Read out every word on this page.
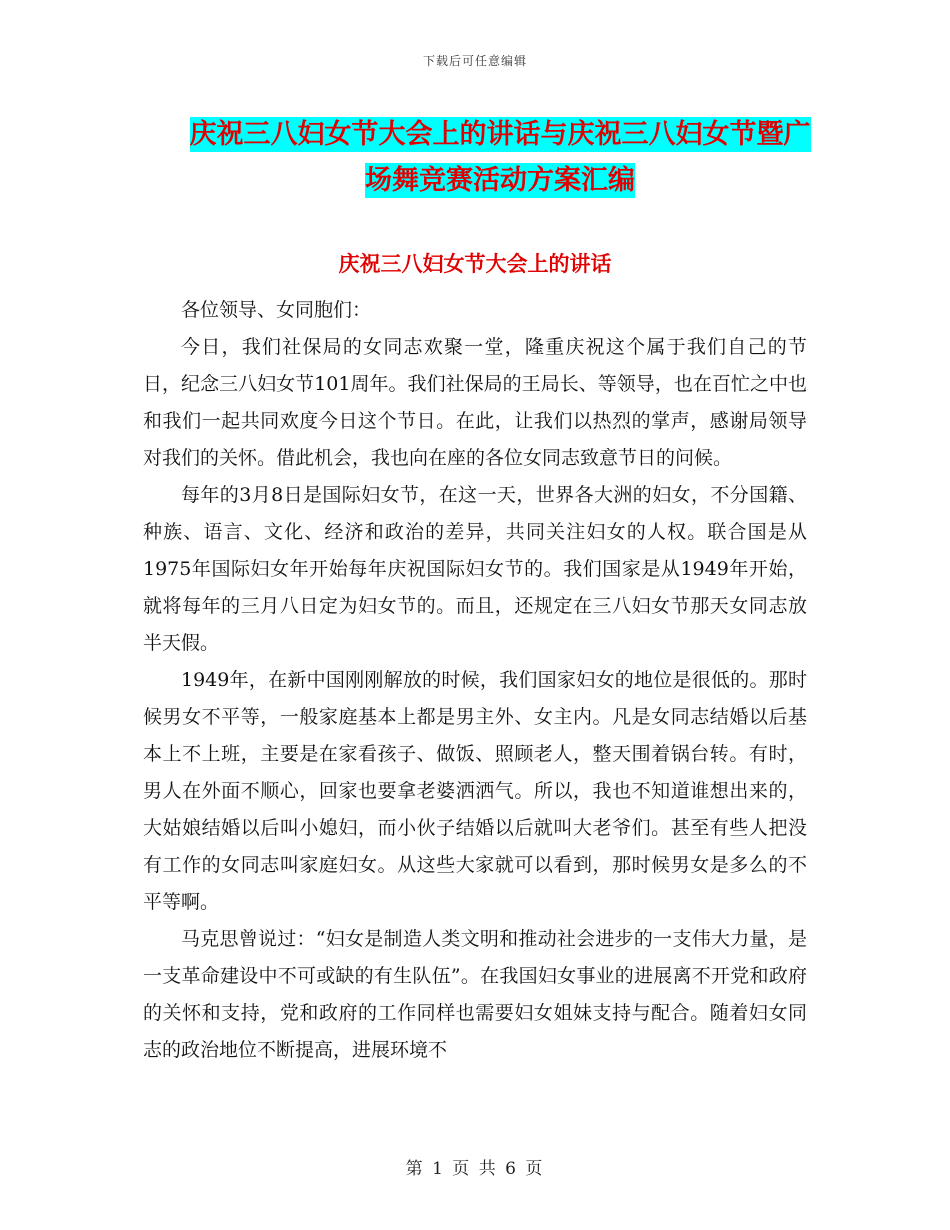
下载后可任意编辑
庆祝三八妇女节大会上的讲话与庆祝三八妇女节暨广
场舞竞赛活动方案汇编
庆祝三八妇女节大会上的讲话

各位领导、女同胞们：

今日，我们社保局的女同志欢聚一堂，隆重庆祝这个属于我们自己的节日，纪念三八妇女节101周年。我们社保局的王局长、等领导，也在百忙之中也和我们一起共同欢度今日这个节日。在此，让我们以热烈的掌声，感谢局领导对我们的关怀。借此机会，我也向在座的各位女同志致意节日的问候。

每年的3月8日是国际妇女节，在这一天，世界各大洲的妇女，不分国籍、种族、语言、文化、经济和政治的差异，共同关注妇女的人权。联合国是从1975年国际妇女年开始每年庆祝国际妇女节的。我们国家是从1949年开始，就将每年的三月八日定为妇女节的。而且，还规定在三八妇女节那天女同志放半天假。

1949年，在新中国刚刚解放的时候，我们国家妇女的地位是很低的。那时候男女不平等，一般家庭基本上都是男主外、女主内。凡是女同志结婚以后基本上不上班，主要是在家看孩子、做饭、照顾老人，整天围着锅台转。有时，男人在外面不顺心，回家也要拿老婆洒洒气。所以，我也不知道谁想出来的，大姑娘结婚以后叫小媳妇，而小伙子结婚以后就叫大老爷们。甚至有些人把没有工作的女同志叫家庭妇女。从这些大家就可以看到，那时候男女是多么的不平等啊。

马克思曾说过：“妇女是制造人类文明和推动社会进步的一支伟大力量，是一支革命建设中不可或缺的有生队伍”。在我国妇女事业的进展离不开党和政府的关怀和支持，党和政府的工作同样也需要妇女姐妹支持与配合。随着妇女同志的政治地位不断提高，进展环境不

第 1 页 共 6 页
